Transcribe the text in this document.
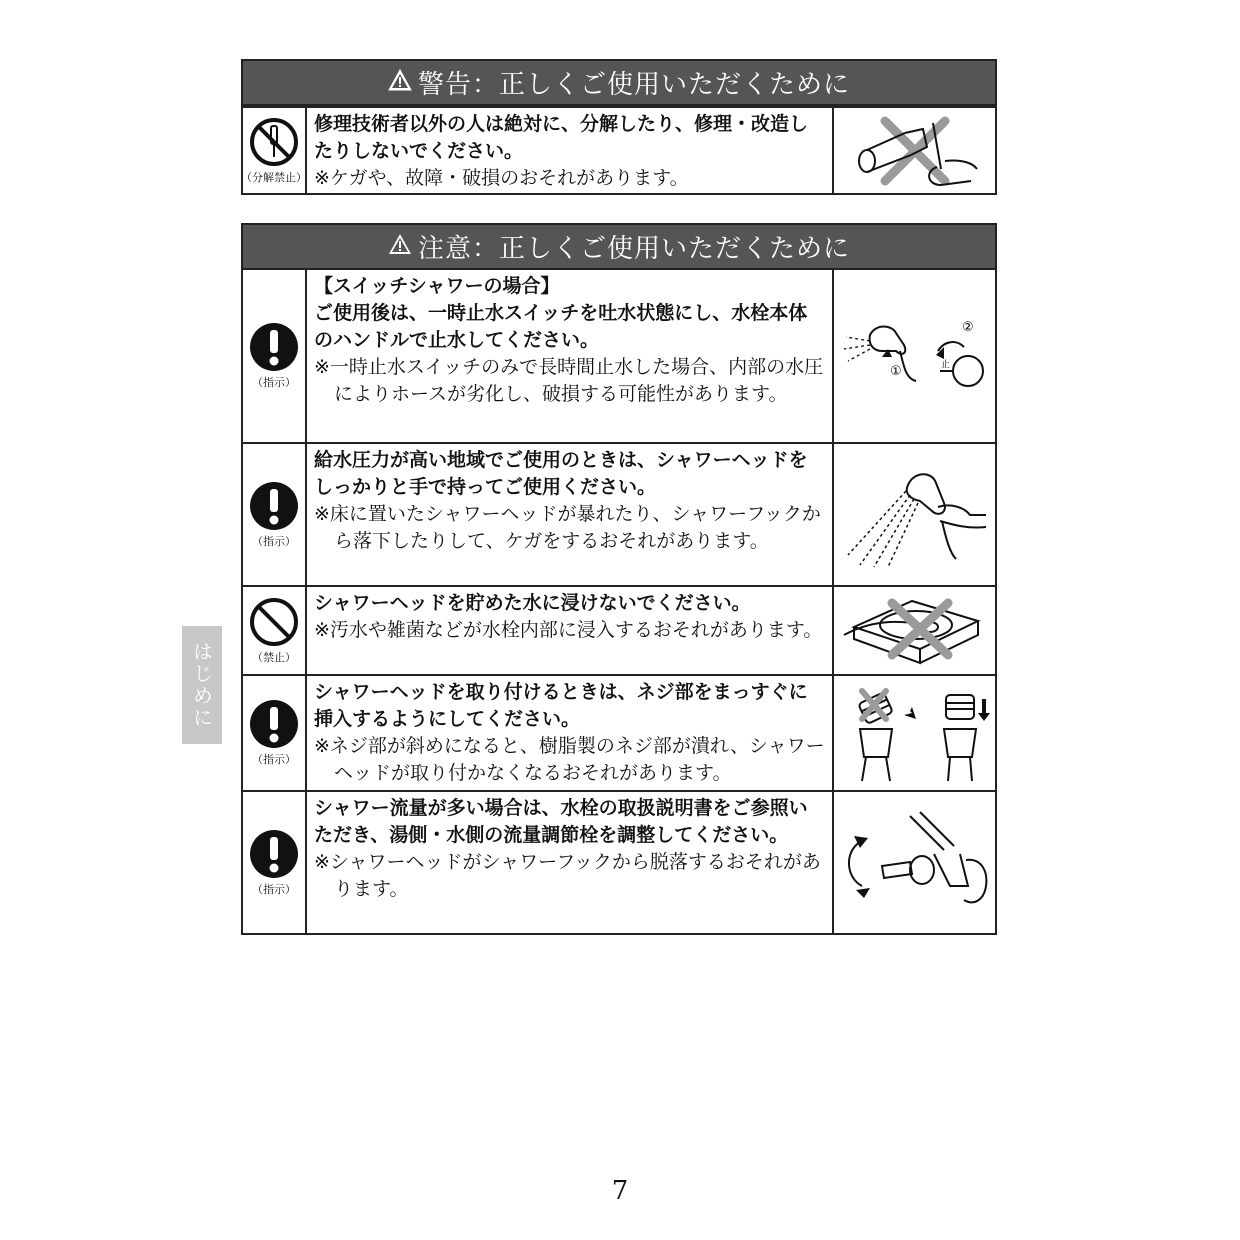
警告：正しくご使用いただくために
（分解禁止）
修理技術者以外の人は絶対に、分解したり、修理・改造したりしないでください。
※ケガや、故障・破損のおそれがあります。
注意：正しくご使用いただくために
（指示）
【スイッチシャワーの場合】
ご使用後は、一時止水スイッチを吐水状態にし、水栓本体のハンドルで止水してください。
※一時止水スイッチのみで長時間止水した場合、内部の水圧によりホースが劣化し、破損する可能性があります。
①
②
止
（指示）
給水圧力が高い地域でご使用のときは、シャワーヘッドをしっかりと手で持ってご使用ください。
※床に置いたシャワーヘッドが暴れたり、シャワーフックから落下したりして、ケガをするおそれがあります。
（禁止）
シャワーヘッドを貯めた水に浸けないでください。
※汚水や雑菌などが水栓内部に浸入するおそれがあります。
（指示）
シャワーヘッドを取り付けるときは、ネジ部をまっすぐに挿入するようにしてください。
※ネジ部が斜めになると、樹脂製のネジ部が潰れ、シャワーヘッドが取り付かなくなるおそれがあります。
（指示）
シャワー流量が多い場合は、水栓の取扱説明書をご参照いただき、湯側・水側の流量調節栓を調整してください。
※シャワーヘッドがシャワーフックから脱落するおそれがあります。
はじめに
7
